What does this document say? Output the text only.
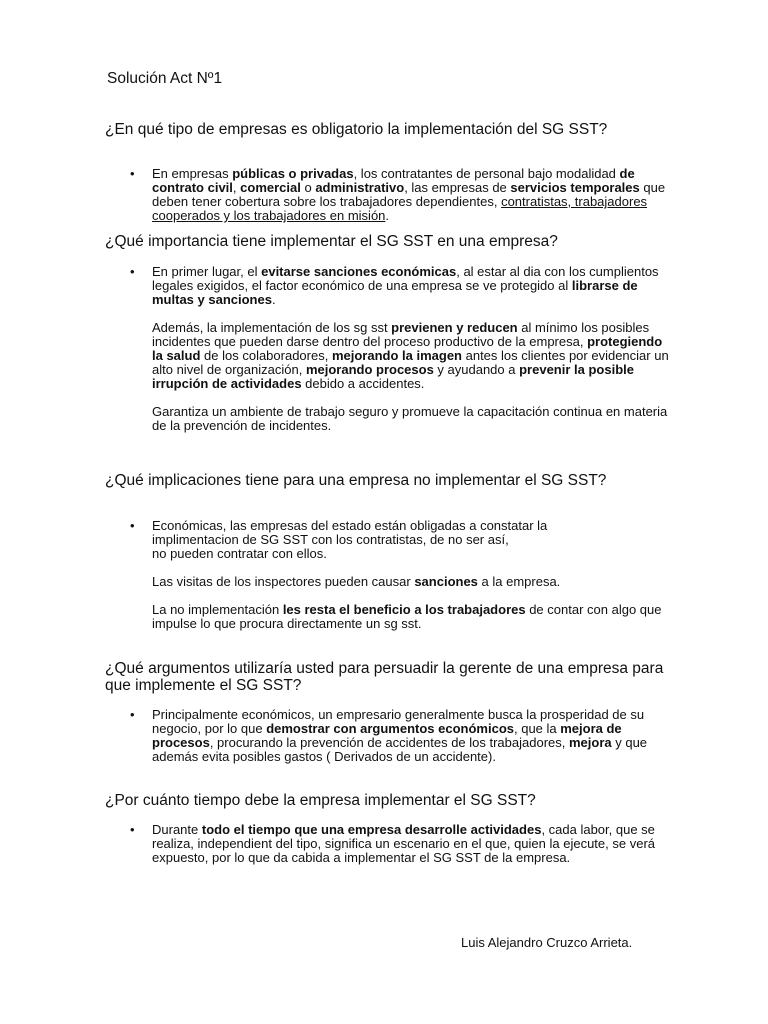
Solución Act Nº1
¿En qué tipo de empresas es obligatorio la implementación del SG SST?
• En empresas públicas o privadas, los contratantes de personal bajo modalidad de contrato civil, comercial o administrativo, las empresas de servicios temporales que deben tener cobertura sobre los trabajadores dependientes, contratistas, trabajadores cooperados y los trabajadores en misión.
¿Qué importancia tiene implementar el SG SST en una empresa?
• En primer lugar, el evitarse sanciones económicas, al estar al dia con los cumplientos legales exigidos, el factor económico de una empresa se ve protegido al librarse de multas y sanciones.
Además, la implementación de los sg sst previenen y reducen al mínimo los posibles incidentes que pueden darse dentro del proceso productivo de la empresa, protegiendo la salud de los colaboradores, mejorando la imagen antes los clientes por evidenciar un alto nivel de organización, mejorando procesos y ayudando a prevenir la posible irrupción de actividades debido a accidentes.
Garantiza un ambiente de trabajo seguro y promueve la capacitación continua en materia de la prevención de incidentes.
¿Qué implicaciones tiene para una empresa no implementar el SG SST?
• Económicas, las empresas del estado están obligadas a constatar la
implimentacion de SG SST con los contratistas, de no ser así,
no pueden contratar con ellos.
Las visitas de los inspectores pueden causar sanciones a la empresa.
La no implementación les resta el beneficio a los trabajadores de contar con algo que impulse lo que procura directamente un sg sst.
¿Qué argumentos utilizaría usted para persuadir la gerente de una empresa para que implemente el SG SST?
• Principalmente económicos, un empresario generalmente busca la prosperidad de su negocio, por lo que demostrar con argumentos económicos, que la mejora de procesos, procurando la prevención de accidentes de los trabajadores, mejora y que además evita posibles gastos ( Derivados de un accidente).
¿Por cuánto tiempo debe la empresa implementar el SG SST?
• Durante todo el tiempo que una empresa desarrolle actividades, cada labor, que se realiza, independient del tipo, significa un escenario en el que, quien la ejecute, se verá expuesto, por lo que da cabida a implementar el SG SST de la empresa.
Luis Alejandro Cruzco Arrieta.
